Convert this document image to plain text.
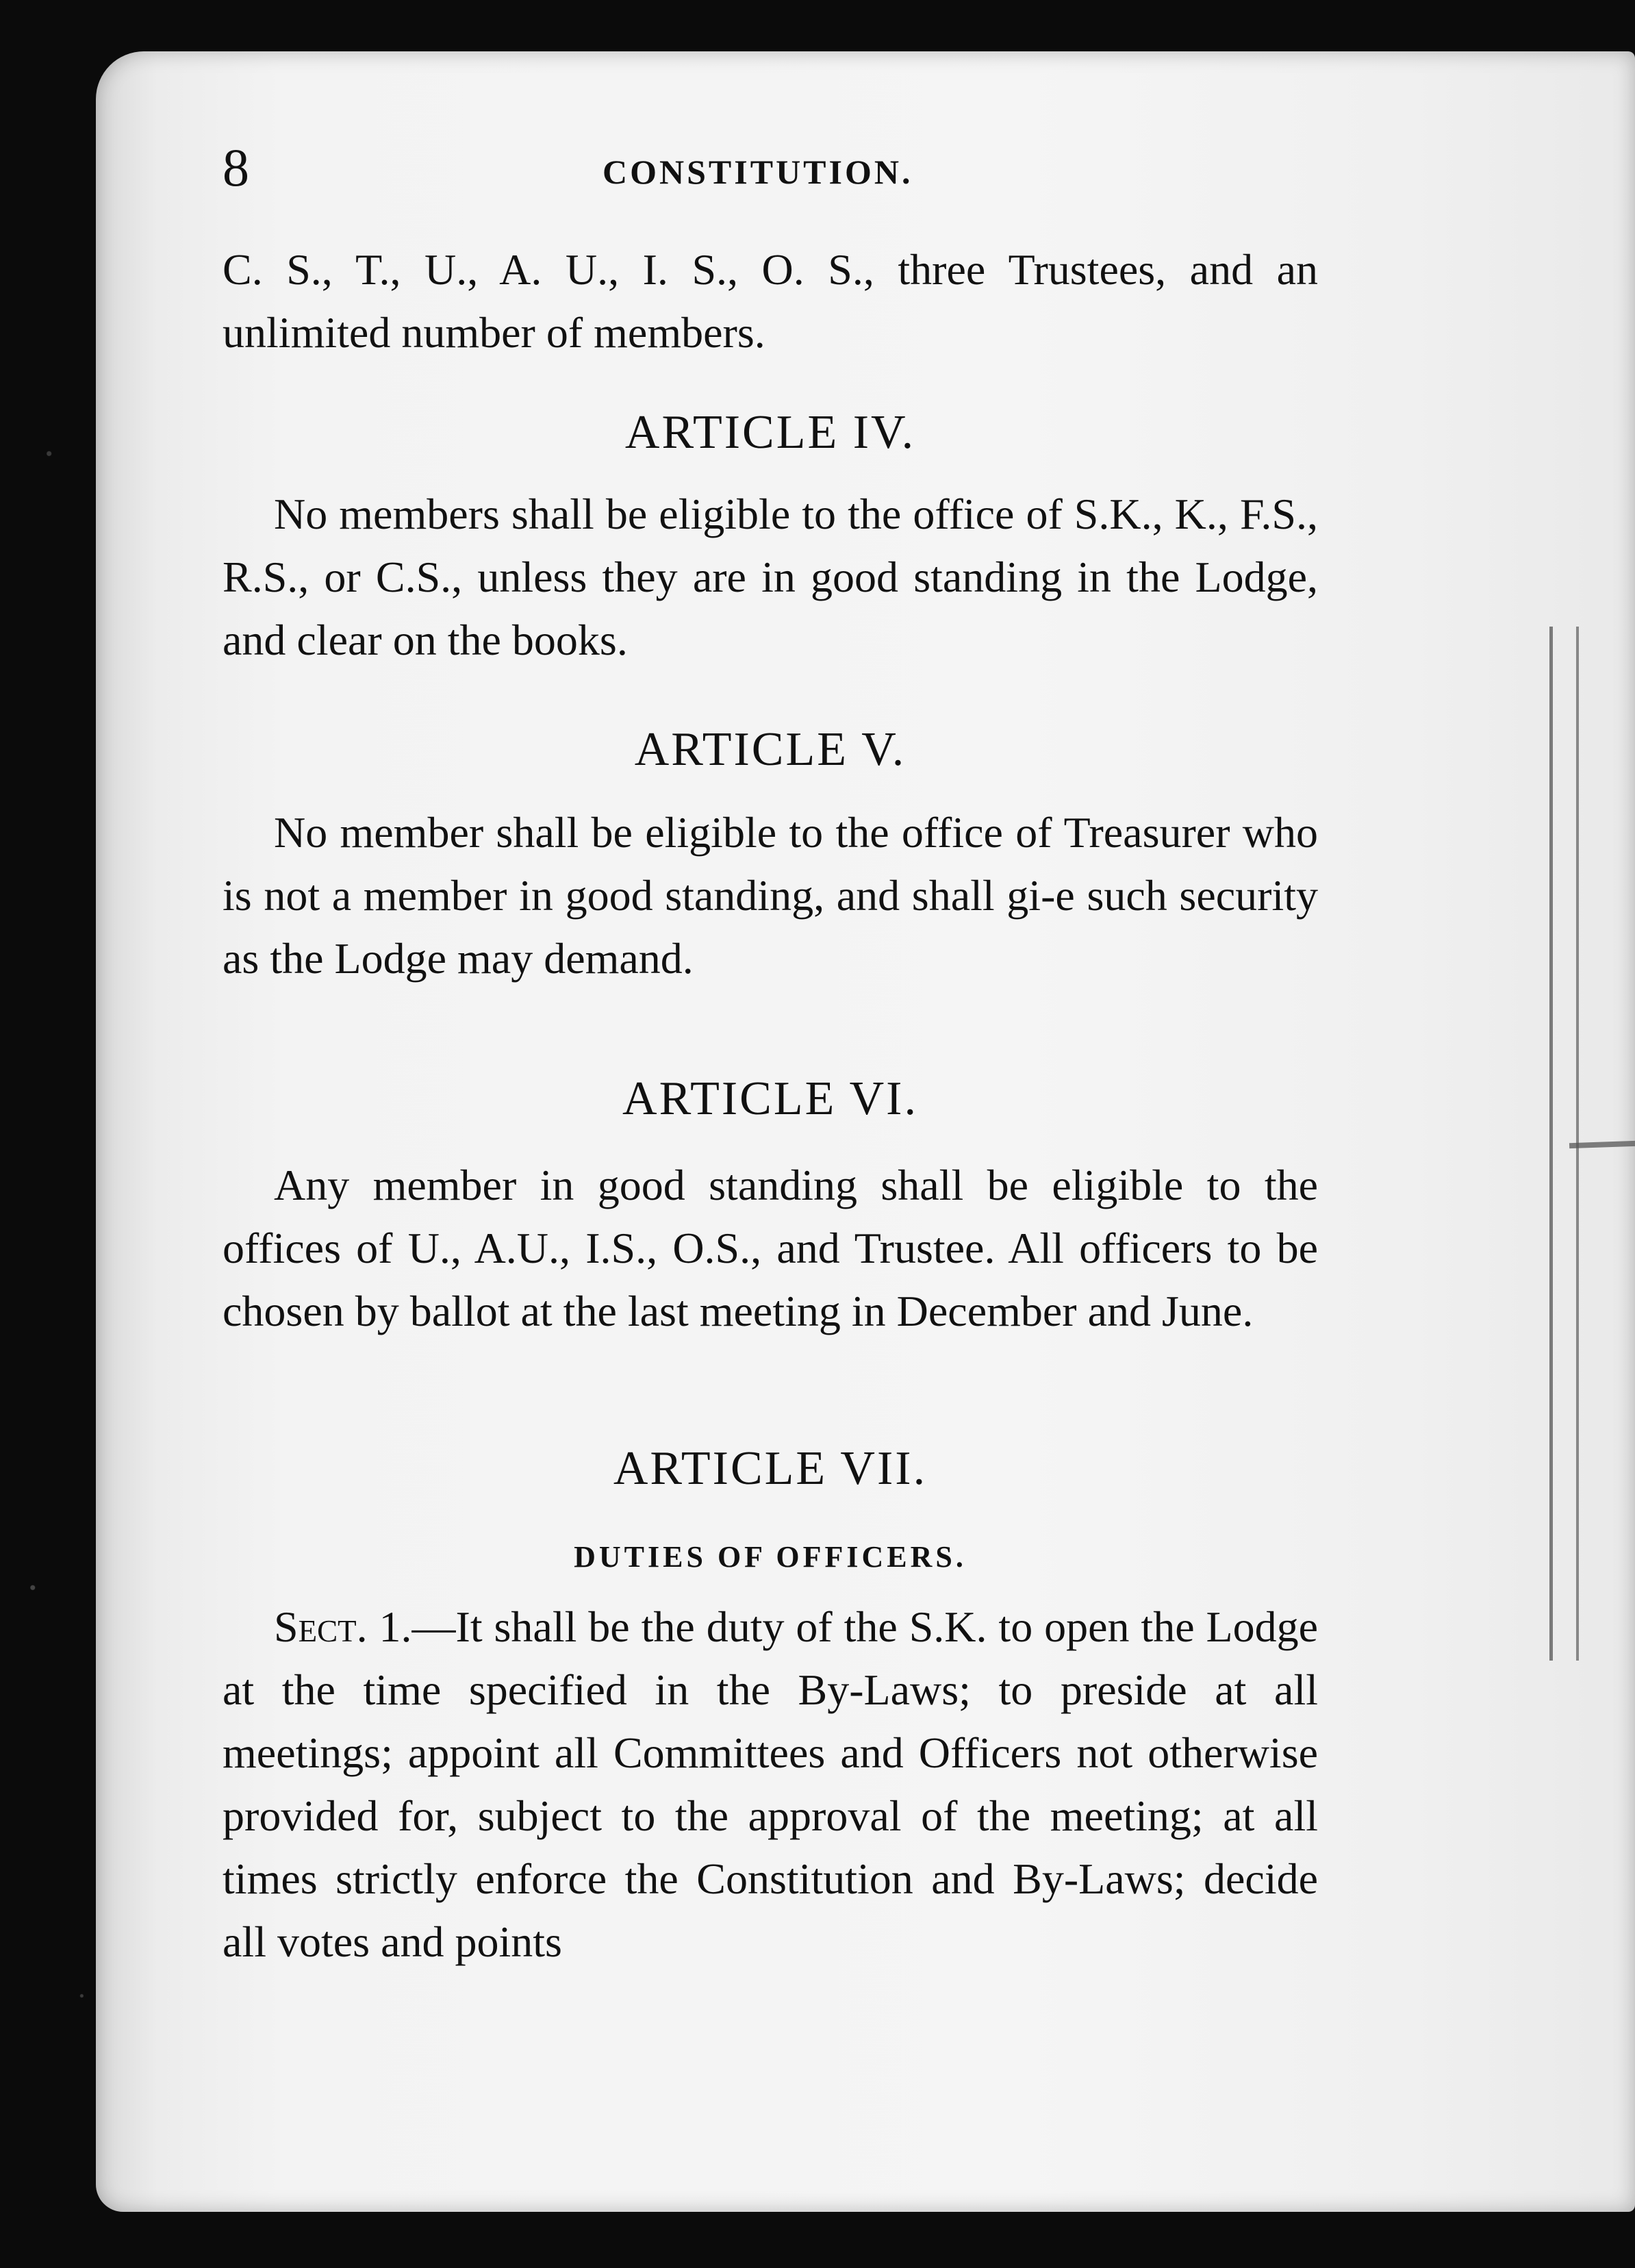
8	CONSTITUTION.

C. S., T., U., A. U., I. S., O. S., three Trustees, and an unlimited number of members.

ARTICLE IV.

No members shall be eligible to the office of S.K., K., F.S., R.S., or C.S., unless they are in good standing in the Lodge, and clear on the books.

ARTICLE V.

No member shall be eligible to the office of Treasurer who is not a member in good standing, and shall gi‐e such security as the Lodge may demand.

ARTICLE VI.

Any member in good standing shall be eligible to the offices of U., A.U., I.S., O.S., and Trustee. All officers to be chosen by ballot at the last meeting in December and June.

ARTICLE VII.
DUTIES OF OFFICERS.

Sect. 1.—It shall be the duty of the S.K. to open the Lodge at the time specified in the By-Laws; to preside at all meetings; appoint all Committees and Officers not otherwise provided for, subject to the approval of the meeting; at all times strictly enforce the Constitution and By-Laws; decide all votes and points
